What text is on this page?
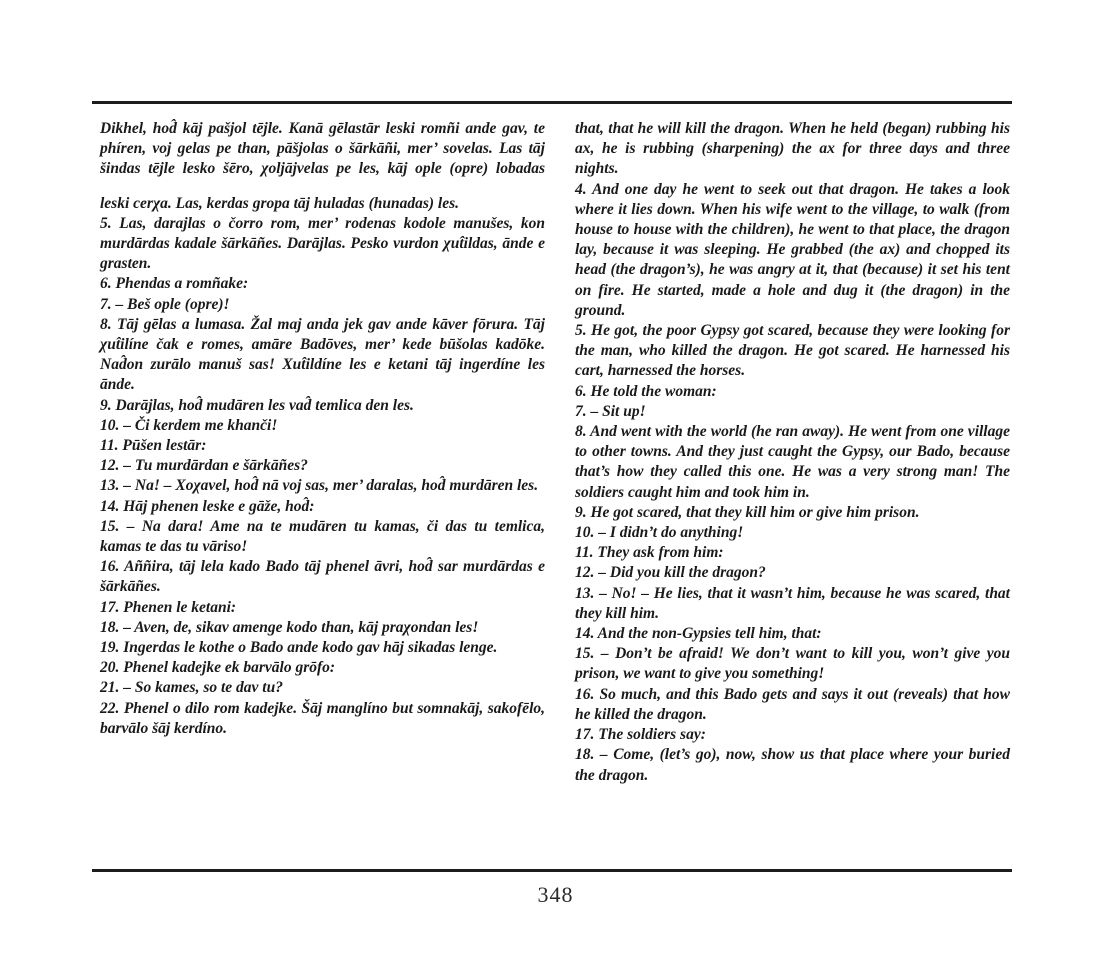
Dikhel, hod̂ kāj pašjol tējle. Kanā gēlastār leski romñi ande gav, te phíren, voj gelas pe than, pāšjolas o šārkāñi, mer’ sovelas. Las tāj šindas tējle lesko šēro, χoljājvelas pe les, kāj ople (opre) lobadas

leski cerχa. Las, kerdas gropa tāj huladas (hunadas) les.

5. Las, darajlas o čorro rom, mer’ rodenas kodole manušes, kon murdārdas kadale šārkāñes. Darājlas. Pesko vurdon χut̂ildas, ānde e grasten.

6. Phendas a romñake:

7. – Beš ople (opre)!

8. Tāj gēlas a lumasa. Žal maj anda jek gav ande kāver fōrura. Tāj χut̂ilíne čak e romes, amāre Badōves, mer’ kede būšolas kadōke. Nad̂on zurālo manuš sas! Xut̂ildíne les e ketani tāj ingerdíne les ānde.

9. Darājlas, hod̂ mudāren les vad̂ temlica den les.

10. – Či kerdem me khanči!

11. Pūšen lestār:

12. – Tu murdārdan e šārkāñes?

13. – Na! – Xoχavel, hod̂ nā voj sas, mer’ daralas, hod̂ murdāren les.

14. Hāj phenen leske e gāže, hod̂:

15. – Na dara! Ame na te mudāren tu kamas, či das tu temlica, kamas te das tu vāriso!

16. Aññira, tāj lela kado Bado tāj phenel āvri, hod̂ sar murdārdas e šārkāñes.

17. Phenen le ketani:

18. – Aven, de, sikav amenge kodo than, kāj praχondan les!

19. Ingerdas le kothe o Bado ande kodo gav hāj sikadas lenge.

20. Phenel kadejke ek barvālo grōfo:

21. – So kames, so te dav tu?

22. Phenel o dilo rom kadejke. Šāj manglíno but somnakāj, sakofēlo, barvālo šāj kerdíno.

that, that he will kill the dragon. When he held (began) rubbing his ax, he is rubbing (sharpening) the ax for three days and three nights.

4. And one day he went to seek out that dragon. He takes a look where it lies down. When his wife went to the village, to walk (from house to house with the children), he went to that place, the dragon lay, because it was sleeping. He grabbed (the ax) and chopped its head (the dragon’s), he was angry at it, that (because) it set his tent on fire. He started, made a hole and dug it (the dragon) in the ground.

5. He got, the poor Gypsy got scared, because they were looking for the man, who killed the dragon. He got scared. He harnessed his cart, harnessed the horses.

6. He told the woman:

7. – Sit up!

8. And went with the world (he ran away). He went from one village to other towns. And they just caught the Gypsy, our Bado, because that’s how they called this one. He was a very strong man! The soldiers caught him and took him in.

9. He got scared, that they kill him or give him prison.

10. – I didn’t do anything!

11. They ask from him:

12. – Did you kill the dragon?

13. – No! – He lies, that it wasn’t him, because he was scared, that they kill him.

14. And the non-Gypsies tell him, that:

15. – Don’t be afraid! We don’t want to kill you, won’t give you prison, we want to give you something!

16. So much, and this Bado gets and says it out (reveals) that how he killed the dragon.

17. The soldiers say:

18. – Come, (let’s go), now, show us that place where your buried the dragon.

348
